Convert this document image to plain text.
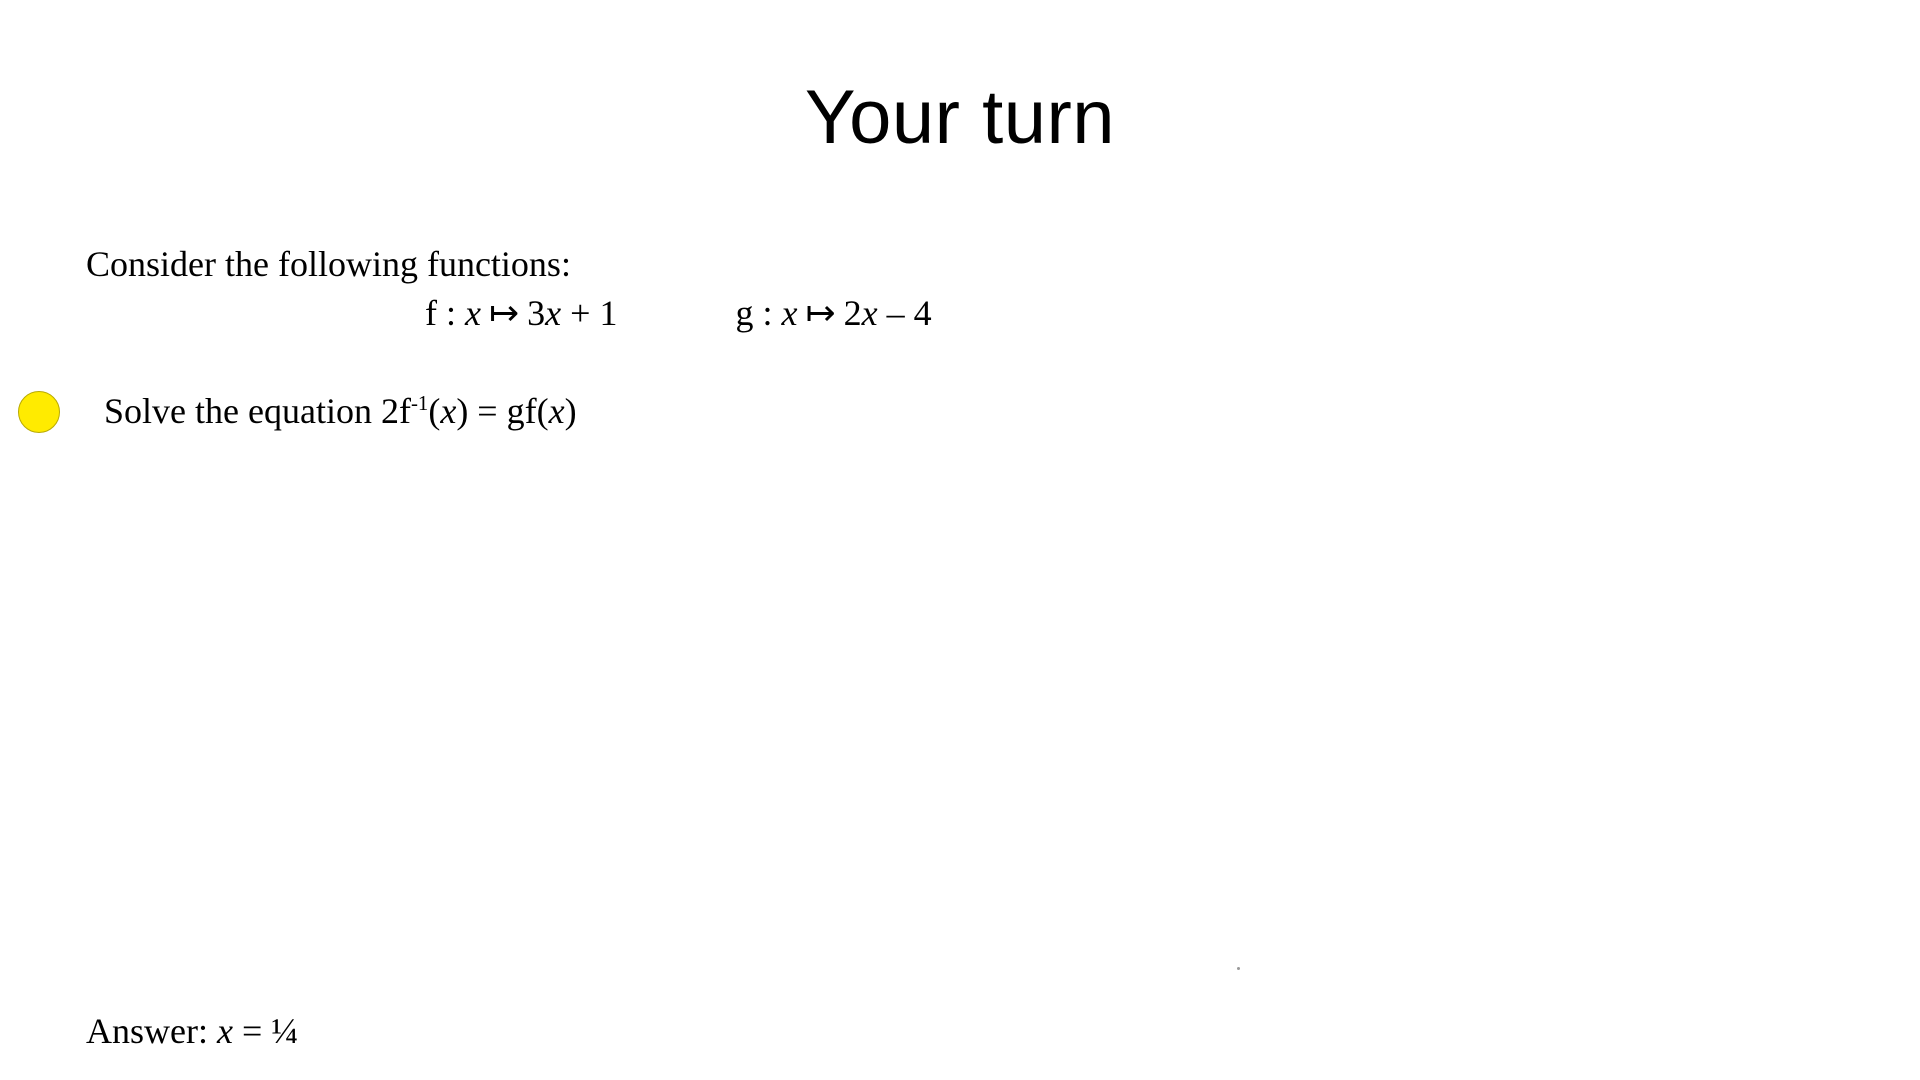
Your turn
Consider the following functions:
f : x ↦ 3x + 1	g : x ↦ 2x – 4
Solve the equation $2f^{-1}(x) = gf(x)$
Answer: x = ¼
